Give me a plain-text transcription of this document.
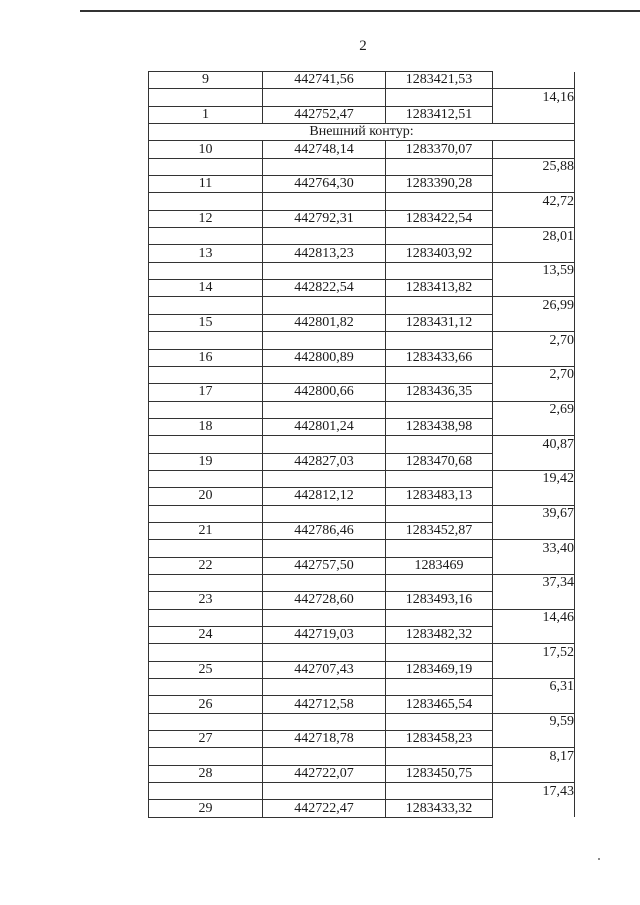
2
9	442741,56	1283421,53	
			14,16
1	442752,47	1283412,51	
Внешний контур:			
10	442748,14	1283370,07	
			25,88
11	442764,30	1283390,28	
			42,72
12	442792,31	1283422,54	
			28,01
13	442813,23	1283403,92	
			13,59
14	442822,54	1283413,82	
			26,99
15	442801,82	1283431,12	
			2,70
16	442800,89	1283433,66	
			2,70
17	442800,66	1283436,35	
			2,69
18	442801,24	1283438,98	
			40,87
19	442827,03	1283470,68	
			19,42
20	442812,12	1283483,13	
			39,67
21	442786,46	1283452,87	
			33,40
22	442757,50	1283469	
			37,34
23	442728,60	1283493,16	
			14,46
24	442719,03	1283482,32	
			17,52
25	442707,43	1283469,19	
			6,31
26	442712,58	1283465,54	
			9,59
27	442718,78	1283458,23	
			8,17
28	442722,07	1283450,75	
			17,43
29	442722,47	1283433,32	
